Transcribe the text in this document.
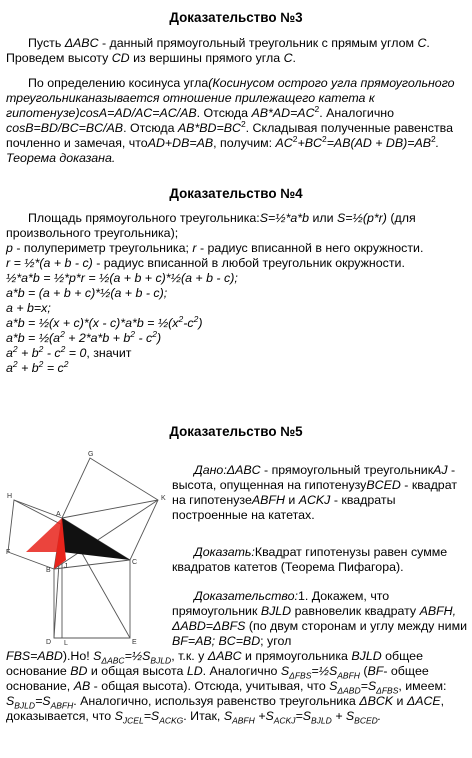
Доказательство №3

Пусть ΔABC - данный прямоугольный треугольник с прямым углом C. Проведем высоту CD из вершины прямого угла C.

По определению косинуса угла(Косинусом острого угла прямоугольного треугольниканазывается отношение прилежащего катета к гипотенузе)cosA=AD/AC=AC/AB. Отсюда $AB*AD=AC^2$. Аналогично cosB=BD/BC=BC/AB. Отсюда $AB*BD=BC^2$. Складывая полученные равенства почленно и замечая, чтоAD+DB=AB, получим: $AC^2+BC^2=AB(AD + DB)=AB^2$. Теорема доказана.

Доказательство №4

Площадь прямоугольного треугольника:S=½*a*b или S=½(p*r) (для произвольного треугольника);

p - полупериметр треугольника; r - радиус вписанной в него окружности.

r = ½*(a + b - c) - радиус вписанной в любой треугольник окружности.

½*a*b = ½*p*r = ½(a + b + c)*½(a + b - c);

a*b = (a + b + c)*½(a + b - c);

a + b=x;

a*b = ½(x + $c)*(x - c)*a*b = \frac{1}{2}(x^2-c^2)$

$a*b = \frac{1}{2}(a^2 + 2*a*b + b^2 - c^2)$

$a^2 + b^2 - c^2 = 0$, значит

$a^2 + b^2 = c^2$

Доказательство №5
G
K
H
A
F
C
J
B
D L	E

Дано:ΔABC - прямоугольный треугольникAJ - высота, опущенная на гипотенузуBCED - квадрат на гипотенузеABFH и ACKJ - квадраты построенные на катетах.

Доказать:Квадрат гипотенузы равен сумме квадратов катетов (Теорема Пифагора).

Доказательство:1. Докажем, что прямоугольник BJLD равновелик квадрату ABFH, ΔABD=ΔBFS (по двум сторонам и углу между ними BF=AB; BC=BD; угол

FBS=ABD).Но! $S_{\Delta ABC}=\frac{1}{2}S_{BJLD}$, т.к. у ΔABC и прямоугольника BJLD общее основание BD и общая высота LD. Аналогично $S_{\Delta FBS}=\frac{1}{2}S_{ABFH}$ (BF- общее основание, AB - общая высота). Отсюда, учитывая, что $S_{\Delta ABD}=S_{\Delta FBS}$, имеем: $S_{BJLD}=S_{ABFH}$. Аналогично, используя равенство треугольника ΔBCK и ΔACE, доказывается, что $S_{JCEL}=S_{ACKG}$. Итак, $S_{ABFH} +S_{ACKJ}=S_{BJLD} + S_{BCED}$.
